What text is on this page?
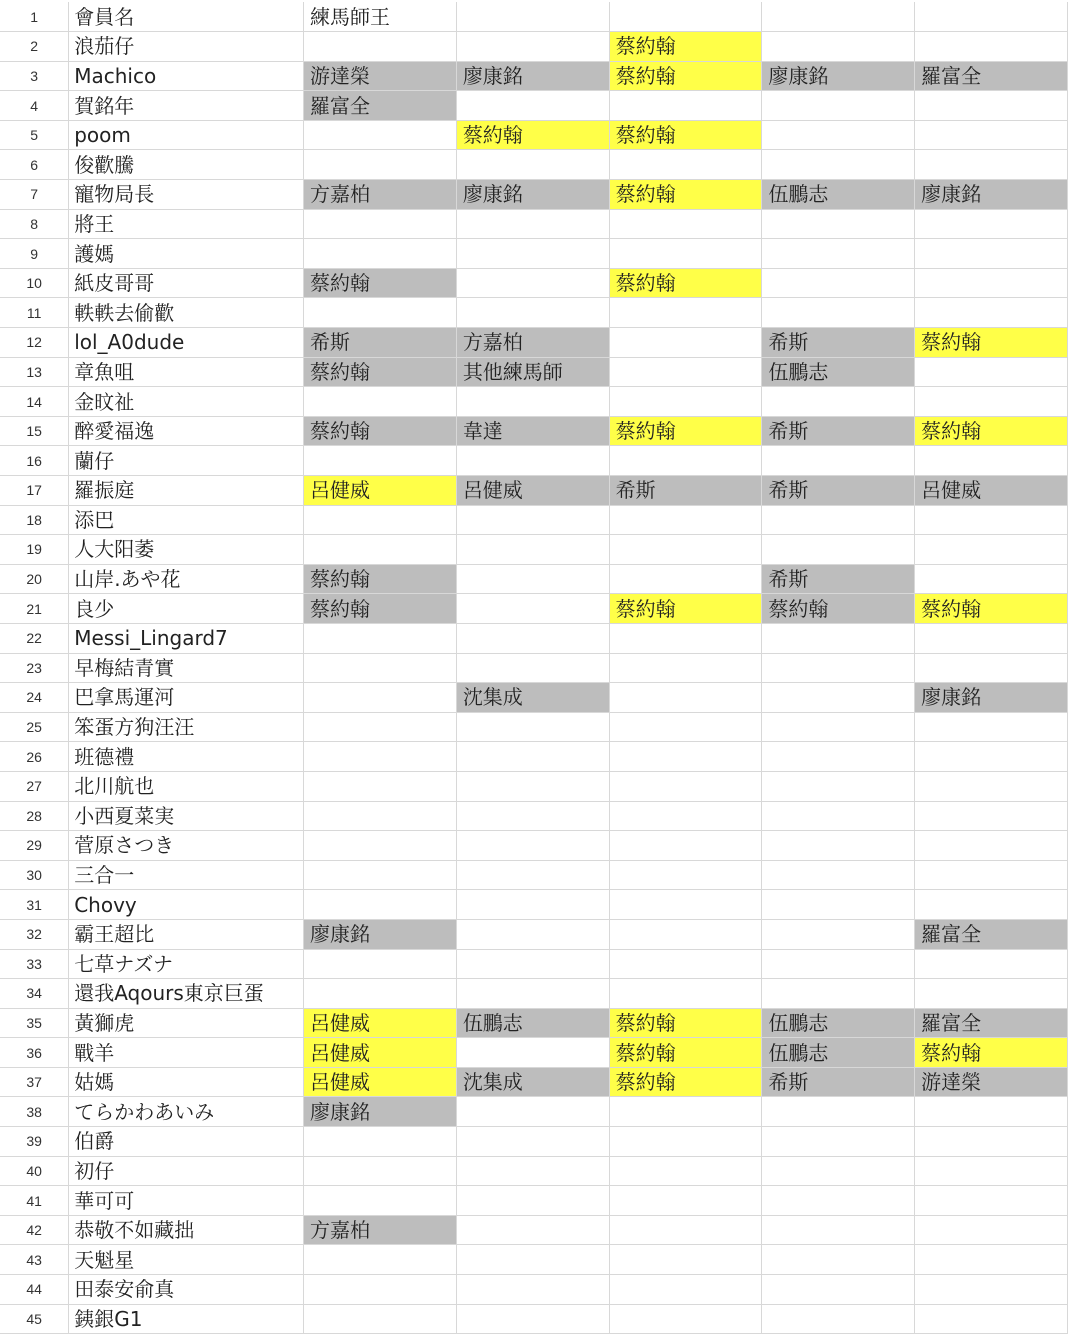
1	會員名	練馬師王				
2	浪茄仔			蔡約翰		
3	Machico	游達榮	廖康銘	蔡約翰	廖康銘	羅富全
4	賀銘年	羅富全				
5	poom		蔡約翰	蔡約翰		
6	俊歡騰					
7	寵物局長	方嘉柏	廖康銘	蔡約翰	伍鵬志	廖康銘
8	將王					
9	護媽					
10	紙皮哥哥	蔡約翰		蔡約翰		
11	軼軼去偷歡					
12	lol_A0dude	希斯	方嘉柏		希斯	蔡約翰
13	章魚咀	蔡約翰	其他練馬師		伍鵬志	
14	金旼祉					
15	醉愛福逸	蔡約翰	韋達	蔡約翰	希斯	蔡約翰
16	蘭仔					
17	羅振庭	呂健威	呂健威	希斯	希斯	呂健威
18	添巴					
19	人大阳萎					
20	山岸.あや花	蔡約翰			希斯	
21	良少	蔡約翰		蔡約翰	蔡約翰	蔡約翰
22	Messi_Lingard7					
23	早梅結青實					
24	巴拿馬運河		沈集成			廖康銘
25	笨蛋方狗汪汪					
26	班德禮					
27	北川航也					
28	小西夏菜実					
29	菅原さつき					
30	三合一					
31	Chovy					
32	霸王超比	廖康銘				羅富全
33	七草ナズナ					
34	還我Aqours東京巨蛋					
35	黃獅虎	呂健威	伍鵬志	蔡約翰	伍鵬志	羅富全
36	戰羊	呂健威		蔡約翰	伍鵬志	蔡約翰
37	姑媽	呂健威	沈集成	蔡約翰	希斯	游達榮
38	てらかわあいみ	廖康銘				
39	伯爵					
40	初仔					
41	華可可					
42	恭敬不如藏拙	方嘉柏				
43	天魁星					
44	田泰安俞真					
45	銕銀G1					
